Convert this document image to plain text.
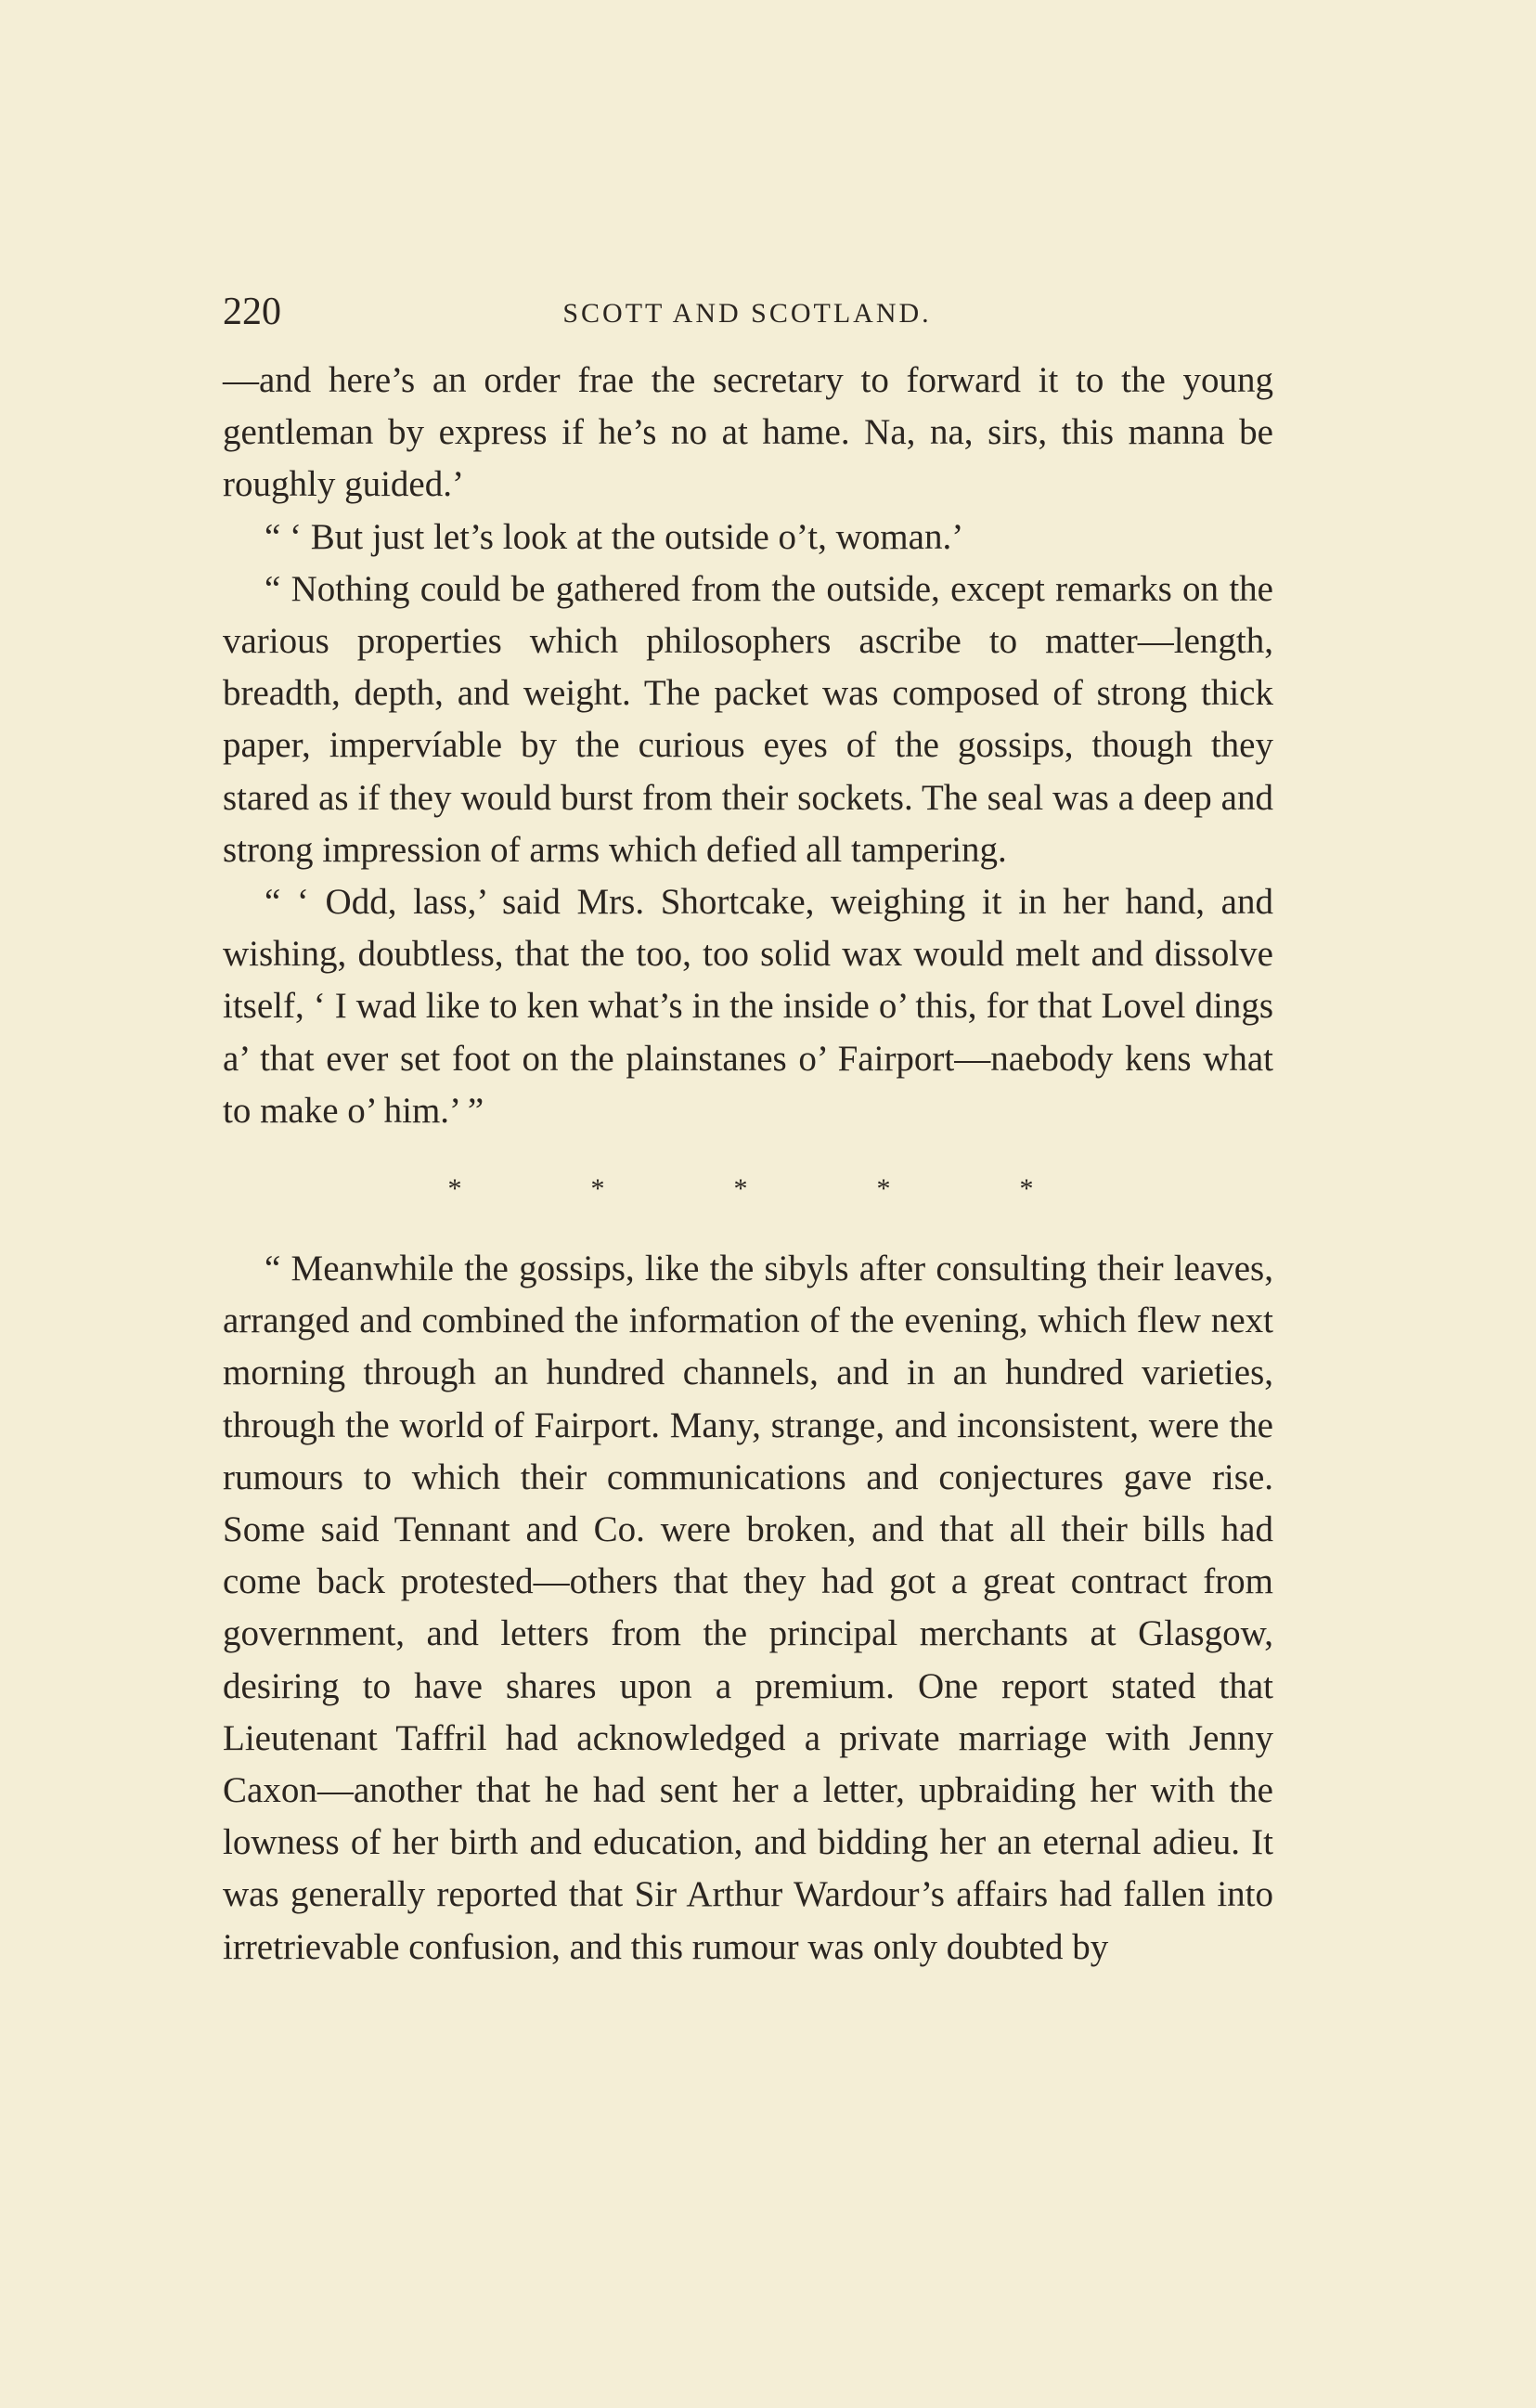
220	SCOTT AND SCOTLAND.

—and here’s an order frae the secretary to forward it to the young gentleman by express if he’s no at hame. Na, na, sirs, this manna be roughly guided.’

“ ‘ But just let’s look at the outside o’t, woman.’

“ Nothing could be gathered from the outside, except remarks on the various properties which philosophers ascribe to matter—length, breadth, depth, and weight. The packet was composed of strong thick paper, impervíable by the curious eyes of the gossips, though they stared as if they would burst from their sockets. The seal was a deep and strong impression of arms which defied all tampering.

“ ‘ Odd, lass,’ said Mrs. Shortcake, weighing it in her hand, and wishing, doubtless, that the too, too solid wax would melt and dissolve itself, ‘ I wad like to ken what’s in the inside o’ this, for that Lovel dings a’ that ever set foot on the plainstanes o’ Fairport—naebody kens what to make o’ him.’ ”

*	*	*	*	*

“ Meanwhile the gossips, like the sibyls after consulting their leaves, arranged and combined the information of the evening, which flew next morning through an hundred channels, and in an hundred varieties, through the world of Fairport. Many, strange, and inconsistent, were the rumours to which their communications and conjectures gave rise. Some said Tennant and Co. were broken, and that all their bills had come back protested—others that they had got a great contract from government, and letters from the principal merchants at Glasgow, desiring to have shares upon a premium. One report stated that Lieutenant Taffril had acknowledged a private marriage with Jenny Caxon—another that he had sent her a letter, upbraiding her with the lowness of her birth and education, and bidding her an eternal adieu. It was generally reported that Sir Arthur Wardour’s affairs had fallen into irretrievable confusion, and this rumour was only doubted by
